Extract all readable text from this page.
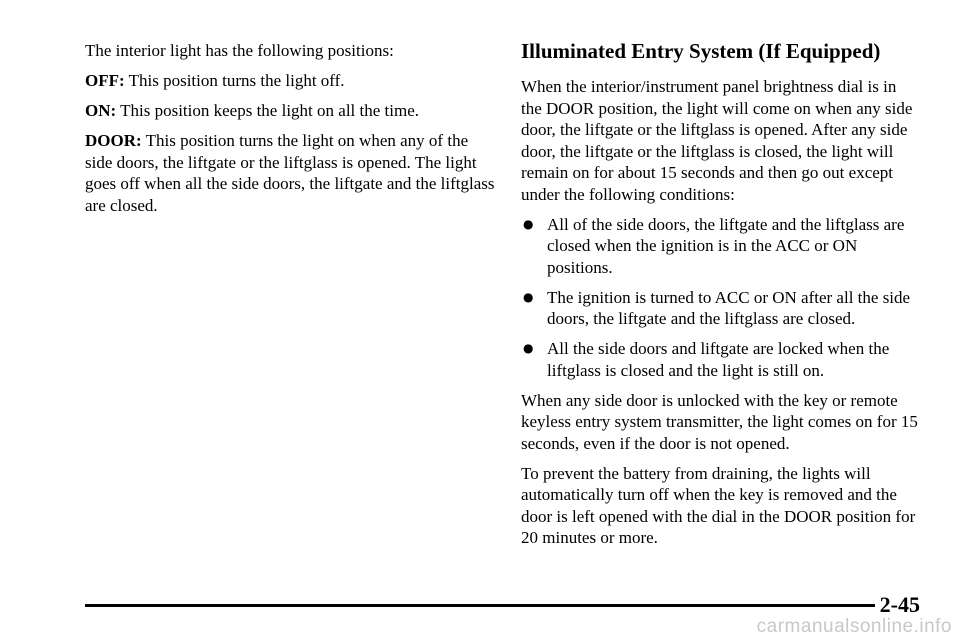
The interior light has the following positions:

OFF: This position turns the light off.

ON: This position keeps the light on all the time.

DOOR: This position turns the light on when any of the side doors, the liftgate or the liftglass is opened. The light goes off when all the side doors, the liftgate and the liftglass are closed.

Illuminated Entry System (If Equipped)

When the interior/instrument panel brightness dial is in the DOOR position, the light will come on when any side door, the liftgate or the liftglass is opened. After any side door, the liftgate or the liftglass is closed, the light will remain on for about 15 seconds and then go out except under the following conditions:

● All of the side doors, the liftgate and the liftglass are closed when the ignition is in the ACC or ON positions.
● The ignition is turned to ACC or ON after all the side doors, the liftgate and the liftglass are closed.
● All the side doors and liftgate are locked when the liftglass is closed and the light is still on.

When any side door is unlocked with the key or remote keyless entry system transmitter, the light comes on for 15 seconds, even if the door is not opened.

To prevent the battery from draining, the lights will automatically turn off when the key is removed and the door is left opened with the dial in the DOOR position for 20 minutes or more.

2-45
carmanualsonline.info
